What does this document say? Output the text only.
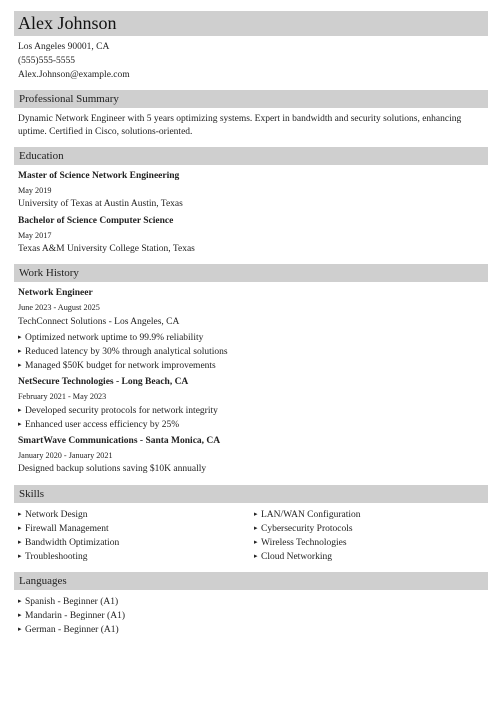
Alex Johnson
Los Angeles 90001, CA
(555)555-5555
Alex.Johnson@example.com
Professional Summary
Dynamic Network Engineer with 5 years optimizing systems. Expert in bandwidth and security solutions, enhancing uptime. Certified in Cisco, solutions-oriented.
Education
Master of Science Network Engineering
May 2019
University of Texas at Austin Austin, Texas
Bachelor of Science Computer Science
May 2017
Texas A&M University College Station, Texas
Work History
Network Engineer
June 2023 - August 2025
TechConnect Solutions - Los Angeles, CA
▸ Optimized network uptime to 99.9% reliability
▸ Reduced latency by 30% through analytical solutions
▸ Managed $50K budget for network improvements
NetSecure Technologies - Long Beach, CA
February 2021 - May 2023
▸ Developed security protocols for network integrity
▸ Enhanced user access efficiency by 25%
SmartWave Communications - Santa Monica, CA
January 2020 - January 2021
Designed backup solutions saving $10K annually
Skills
▸ Network Design
▸ Firewall Management
▸ Bandwidth Optimization
▸ Troubleshooting
▸ LAN/WAN Configuration
▸ Cybersecurity Protocols
▸ Wireless Technologies
▸ Cloud Networking
Languages
▸ Spanish - Beginner (A1)
▸ Mandarin - Beginner (A1)
▸ German - Beginner (A1)
